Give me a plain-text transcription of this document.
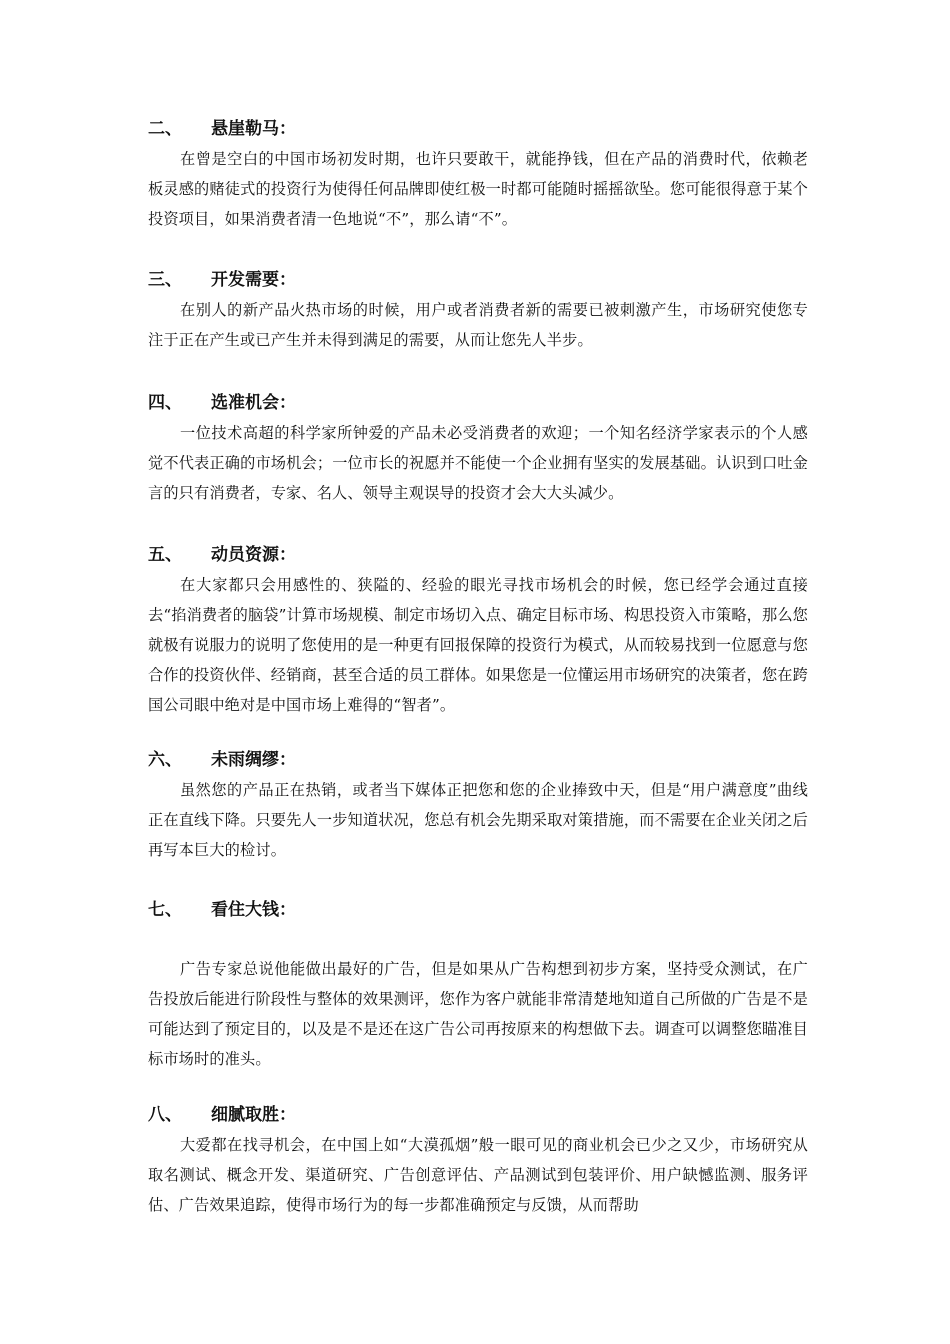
二、 悬崖勒马：

在曾是空白的中国市场初发时期，也许只要敢干，就能挣钱，但在产品的消费时代，依赖老板灵感的赌徒式的投资行为使得任何品牌即使红极一时都可能随时摇摇欲坠。您可能很得意于某个投资项目，如果消费者清一色地说“不”，那么请“不”。

三、 开发需要：

在别人的新产品火热市场的时候，用户或者消费者新的需要已被刺激产生，市场研究使您专注于正在产生或已产生并未得到满足的需要，从而让您先人半步。

四、 选准机会：

一位技术高超的科学家所钟爱的产品未必受消费者的欢迎；一个知名经济学家表示的个人感觉不代表正确的市场机会；一位市长的祝愿并不能使一个企业拥有坚实的发展基础。认识到口吐金言的只有消费者，专家、名人、领导主观误导的投资才会大大头减少。

五、 动员资源：

在大家都只会用感性的、狭隘的、经验的眼光寻找市场机会的时候，您已经学会通过直接去“掐消费者的脑袋”计算市场规模、制定市场切入点、确定目标市场、构思投资入市策略，那么您就极有说服力的说明了您使用的是一种更有回报保障的投资行为模式，从而较易找到一位愿意与您合作的投资伙伴、经销商，甚至合适的员工群体。如果您是一位懂运用市场研究的决策者，您在跨国公司眼中绝对是中国市场上难得的“智者”。

六、 未雨绸缪：

虽然您的产品正在热销，或者当下媒体正把您和您的企业捧致中天，但是“用户满意度”曲线正在直线下降。只要先人一步知道状况，您总有机会先期采取对策措施，而不需要在企业关闭之后再写本巨大的检讨。

七、 看住大钱：

广告专家总说他能做出最好的广告，但是如果从广告构想到初步方案，坚持受众测试，在广告投放后能进行阶段性与整体的效果测评，您作为客户就能非常清楚地知道自己所做的广告是不是可能达到了预定目的，以及是不是还在这广告公司再按原来的构想做下去。调查可以调整您瞄准目标市场时的准头。

八、 细腻取胜：

大爱都在找寻机会，在中国上如“大漠孤烟”般一眼可见的商业机会已少之又少，市场研究从取名测试、概念开发、渠道研究、广告创意评估、产品测试到包装评价、用户缺憾监测、服务评估、广告效果追踪，使得市场行为的每一步都准确预定与反馈，从而帮助
